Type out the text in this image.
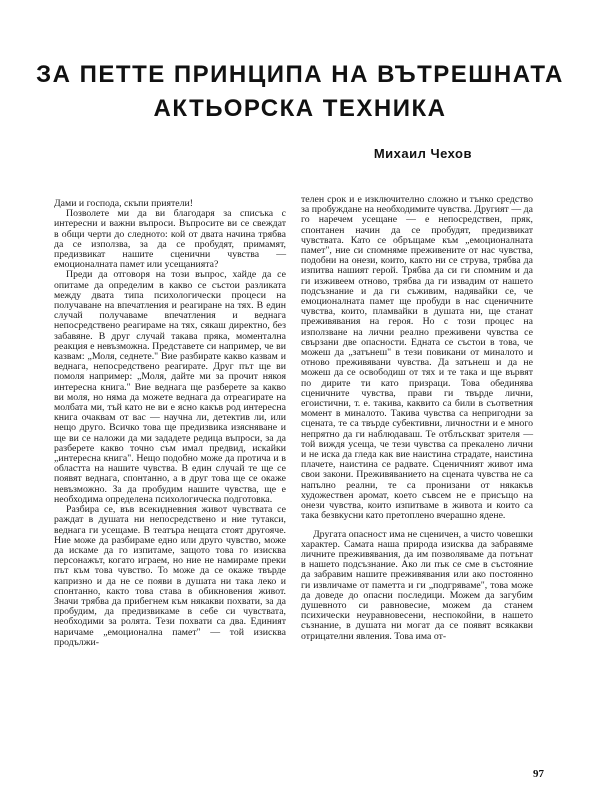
ЗА ПЕТТЕ ПРИНЦИПА НА ВЪТРЕШНАТА
АКТЬОРСКА ТЕХНИКА
Михаил Чехов

Дами и господа, скъпи приятели!

Позволете ми да ви благодаря за списъка с интересни и важни въпроси. Въпросите ви се свеждат в общи черти до следното: кой от двата начина трябва да се използва, за да се пробудят, примамят, предизвикат нашите сценични чувства — емоционалната памет или усещанията?

Преди да отговоря на този въпрос, хайде да се опитаме да определим в какво се състои разликата между двата типа психологически процеси на получаване на впечатления и реагиране на тях. В един случай получаваме впечатления и веднага непосредствено реагираме на тях, сякаш директно, без забавяне. В друг случай такава пряка, моментална реакция е невъзможна. Представете си например, че ви казвам: „Моля, седнете." Вие разбирате какво казвам и веднага, непосредствено реагирате. Друг път ще ви помоля например: „Моля, дайте ми за прочит някоя интересна книга." Вие веднага ще разберете за какво ви моля, но няма да можете веднага да отреагирате на молбата ми, тъй като не ви е ясно какъв род интересна книга очаквам от вас — научна ли, детектив ли, или нещо друго. Всичко това ще предизвика изясняване и ще ви се наложи да ми зададете редица въпроси, за да разберете какво точно съм имал предвид, искайки „интересна книга". Нещо подобно може да протича и в областта на нашите чувства. В един случай те ще се появят веднага, спонтанно, а в друг това ще се окаже невъзможно. За да пробудим нашите чувства, ще е необходима определена психологическа подготовка.

Разбира се, във всекидневния живот чувствата се раждат в душата ни непосредствено и ние тутакси, веднага ги усещаме. В театъра нещата стоят другояче. Ние може да разбираме едно или друго чувство, може да искаме да го изпитаме, защото това го изисква персонажът, когато играем, но ние не намираме преки път към това чувство. То може да се окаже твърде капризно и да не се появи в душата ни така леко и спонтанно, както това става в обикновения живот. Значи трябва да прибегнем към някакви похвати, за да пробудим, да предизвикаме в себе си чувствата, необходими за ролята. Тези похвати са два. Единият наричаме „емоционална памет" — той изисква продължи-

телен срок и е изключително сложно и тънко средство за пробуждане на необходимите чувства. Другият — да го наречем усещане — е непосредствен, пряк, спонтанен начин да се пробудят, предизвикат чувствата. Като се обръщаме към „емоционалната памет", ние си спомняме преживените от нас чувства, подобни на онези, които, както ни се струва, трябва да изпитва нашият герой. Трябва да си ги спомним и да ги изживеем отново, трябва да ги извадим от нашето подсъзнание и да ги съживим, надявайки се, че емоционалната памет ще пробуди в нас сценичните чувства, които, пламвайки в душата ни, ще станат преживявания на героя. Но с този процес на използване на лични реално преживени чувства се свързани две опасности. Едната се състои в това, че можеш да „затънеш" в тези повикани от миналото и отново преживявани чувства. Да затънеш и да не можеш да се освободиш от тях и те така и ще вървят по дирите ти като призраци. Това обединява сценичните чувства, прави ги твърде лични, егоистични, т. е. такива, каквито са били в съответния момент в миналото. Такива чувства са непригодни за сцената, те са твърде субективни, личностни и е много непрятно да ги наблюдаваш. Те отблъскват зрителя — той виждя усеща, че тези чувства са прекалено лични и не иска да гледа как вие наистина страдате, наистина плачете, наистина се радвате. Сценичният живот има свои закони. Преживяванието на сцената чувства не са напълно реални, те са пронизани от някакъв художествен аромат, което съвсем не е присъщо на онези чувства, които изпитваме в живота и които са така безвкусни като претоплено вчерашно ядене.

Другата опасност има не сценичен, а чисто човешки характер. Самата наша природа изисква да забравяме личните преживявания, да им позволяваме да потънат в нашето подсъзнание. Ако ли пък се сме в състояние да забравим нашите преживявания или ако постоянно ги извличаме от паметта и ги „подгряваме", това може да доведе до опасни последици. Можем да загубим душевното си равновесие, можем да станем психически неуравновесени, неспокойни, в нашето съзнание, в душата ни могат да се появят всякакви отрицателни явления. Това има от-

97
